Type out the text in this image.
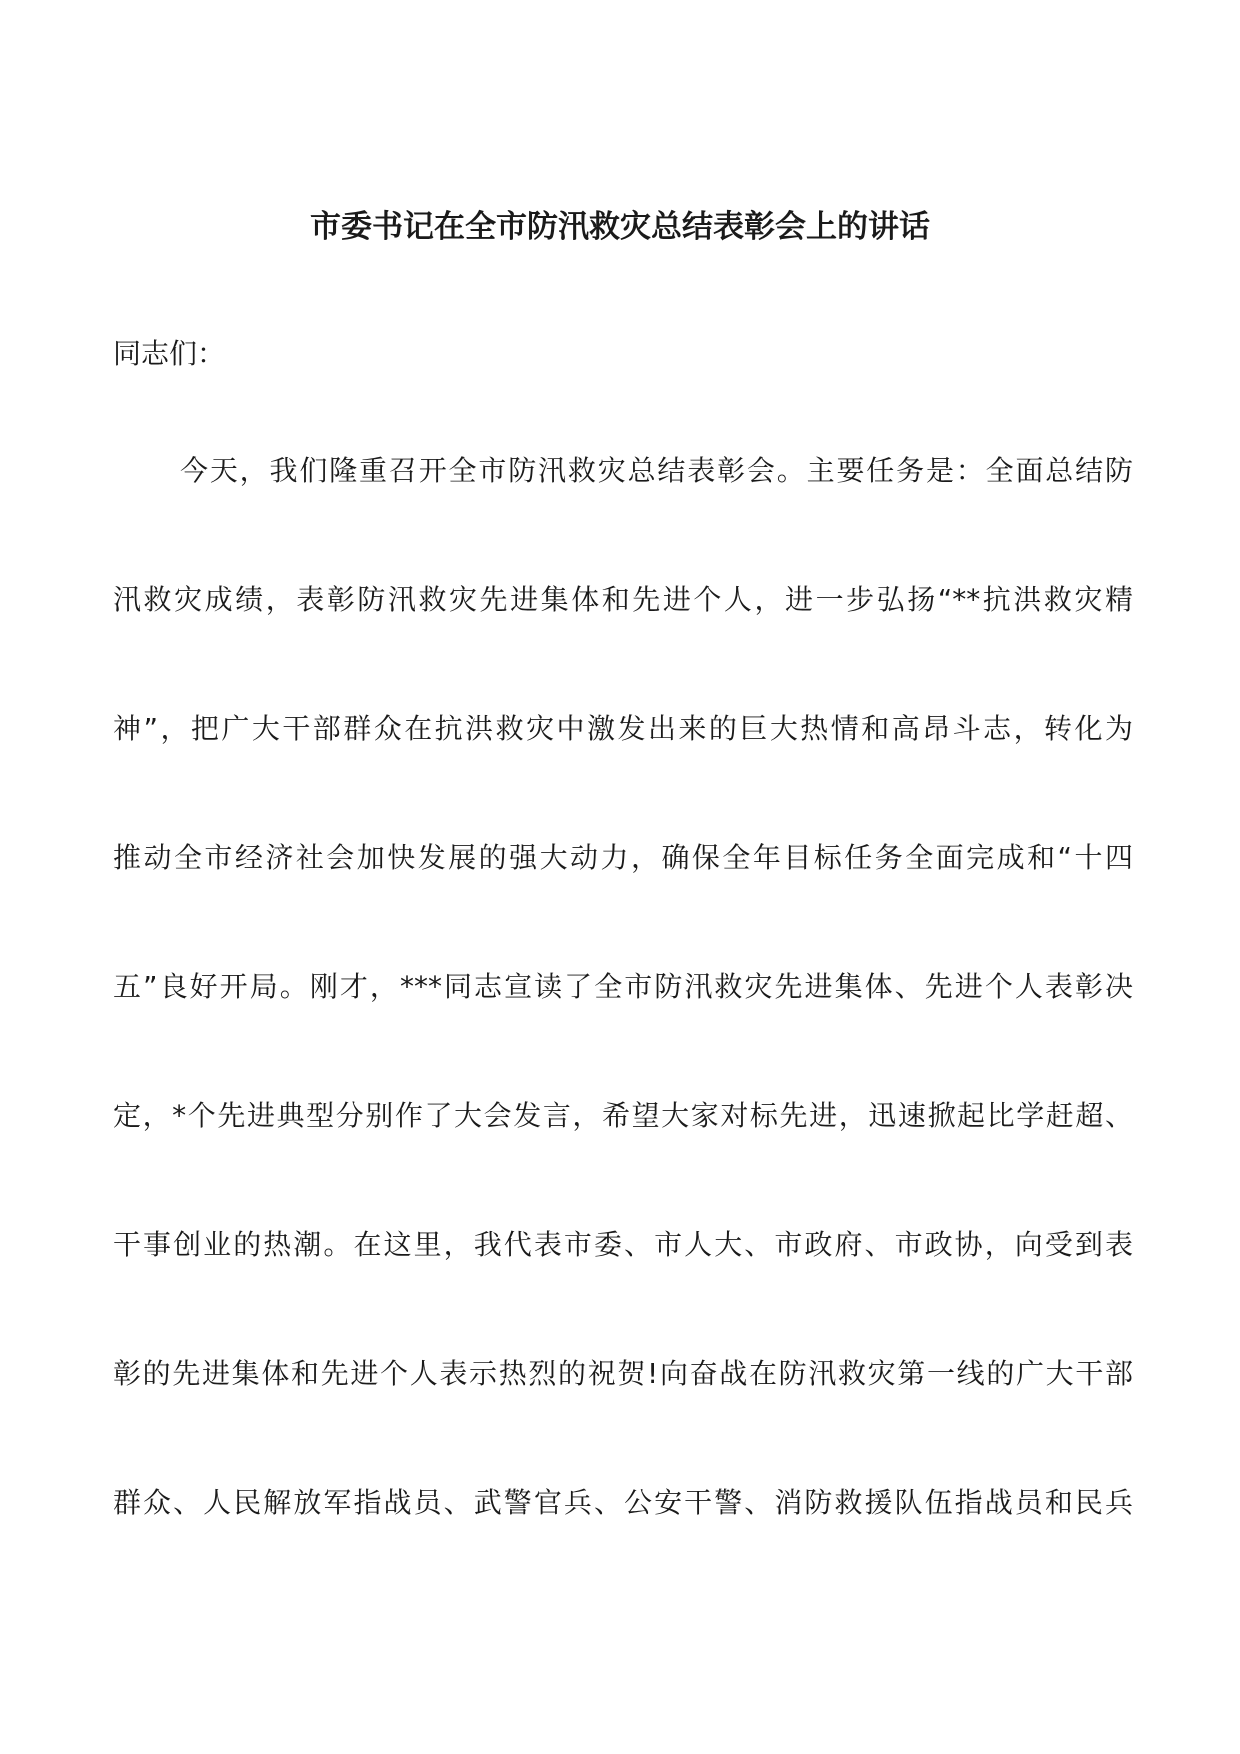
市委书记在全市防汛救灾总结表彰会上的讲话
同志们：
今天，我们隆重召开全市防汛救灾总结表彰会。主要任务是：全面总结防
汛救灾成绩，表彰防汛救灾先进集体和先进个人，进一步弘扬“**抗洪救灾精
神”，把广大干部群众在抗洪救灾中激发出来的巨大热情和高昂斗志，转化为
推动全市经济社会加快发展的强大动力，确保全年目标任务全面完成和“十四
五”良好开局。刚才，***同志宣读了全市防汛救灾先进集体、先进个人表彰决
定，*个先进典型分别作了大会发言，希望大家对标先进，迅速掀起比学赶超、
干事创业的热潮。在这里，我代表市委、市人大、市政府、市政协，向受到表
彰的先进集体和先进个人表示热烈的祝贺!向奋战在防汛救灾第一线的广大干部
群众、人民解放军指战员、武警官兵、公安干警、消防救援队伍指战员和民兵
